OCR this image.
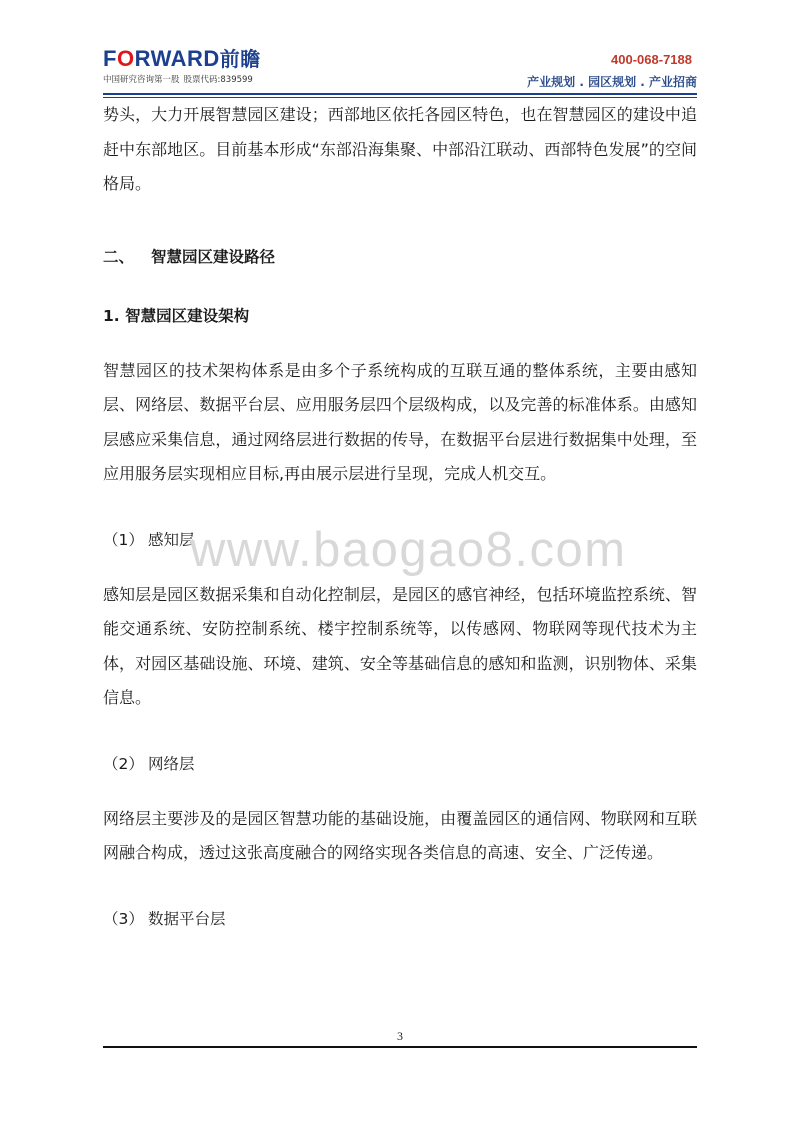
FORWARD前瞻
中国研究咨询第一股 股票代码:839599
400-068-7188
产业规划 . 园区规划 . 产业招商

势头，大力开展智慧园区建设；西部地区依托各园区特色，也在智慧园区的建设中追赶中东部地区。目前基本形成“东部沿海集聚、中部沿江联动、西部特色发展”的空间格局。

二、 智慧园区建设路径
1. 智慧园区建设架构

智慧园区的技术架构体系是由多个子系统构成的互联互通的整体系统，主要由感知层、网络层、数据平台层、应用服务层四个层级构成，以及完善的标准体系。由感知层感应采集信息，通过网络层进行数据的传导，在数据平台层进行数据集中处理，至应用服务层实现相应目标,再由展示层进行呈现，完成人机交互。

（1） 感知层

感知层是园区数据采集和自动化控制层，是园区的感官神经，包括环境监控系统、智能交通系统、安防控制系统、楼宇控制系统等，以传感网、物联网等现代技术为主体，对园区基础设施、环境、建筑、安全等基础信息的感知和监测，识别物体、采集信息。

（2） 网络层

网络层主要涉及的是园区智慧功能的基础设施，由覆盖园区的通信网、物联网和互联网融合构成，透过这张高度融合的网络实现各类信息的高速、安全、广泛传递。

（3） 数据平台层
www.baogao8.com
3
